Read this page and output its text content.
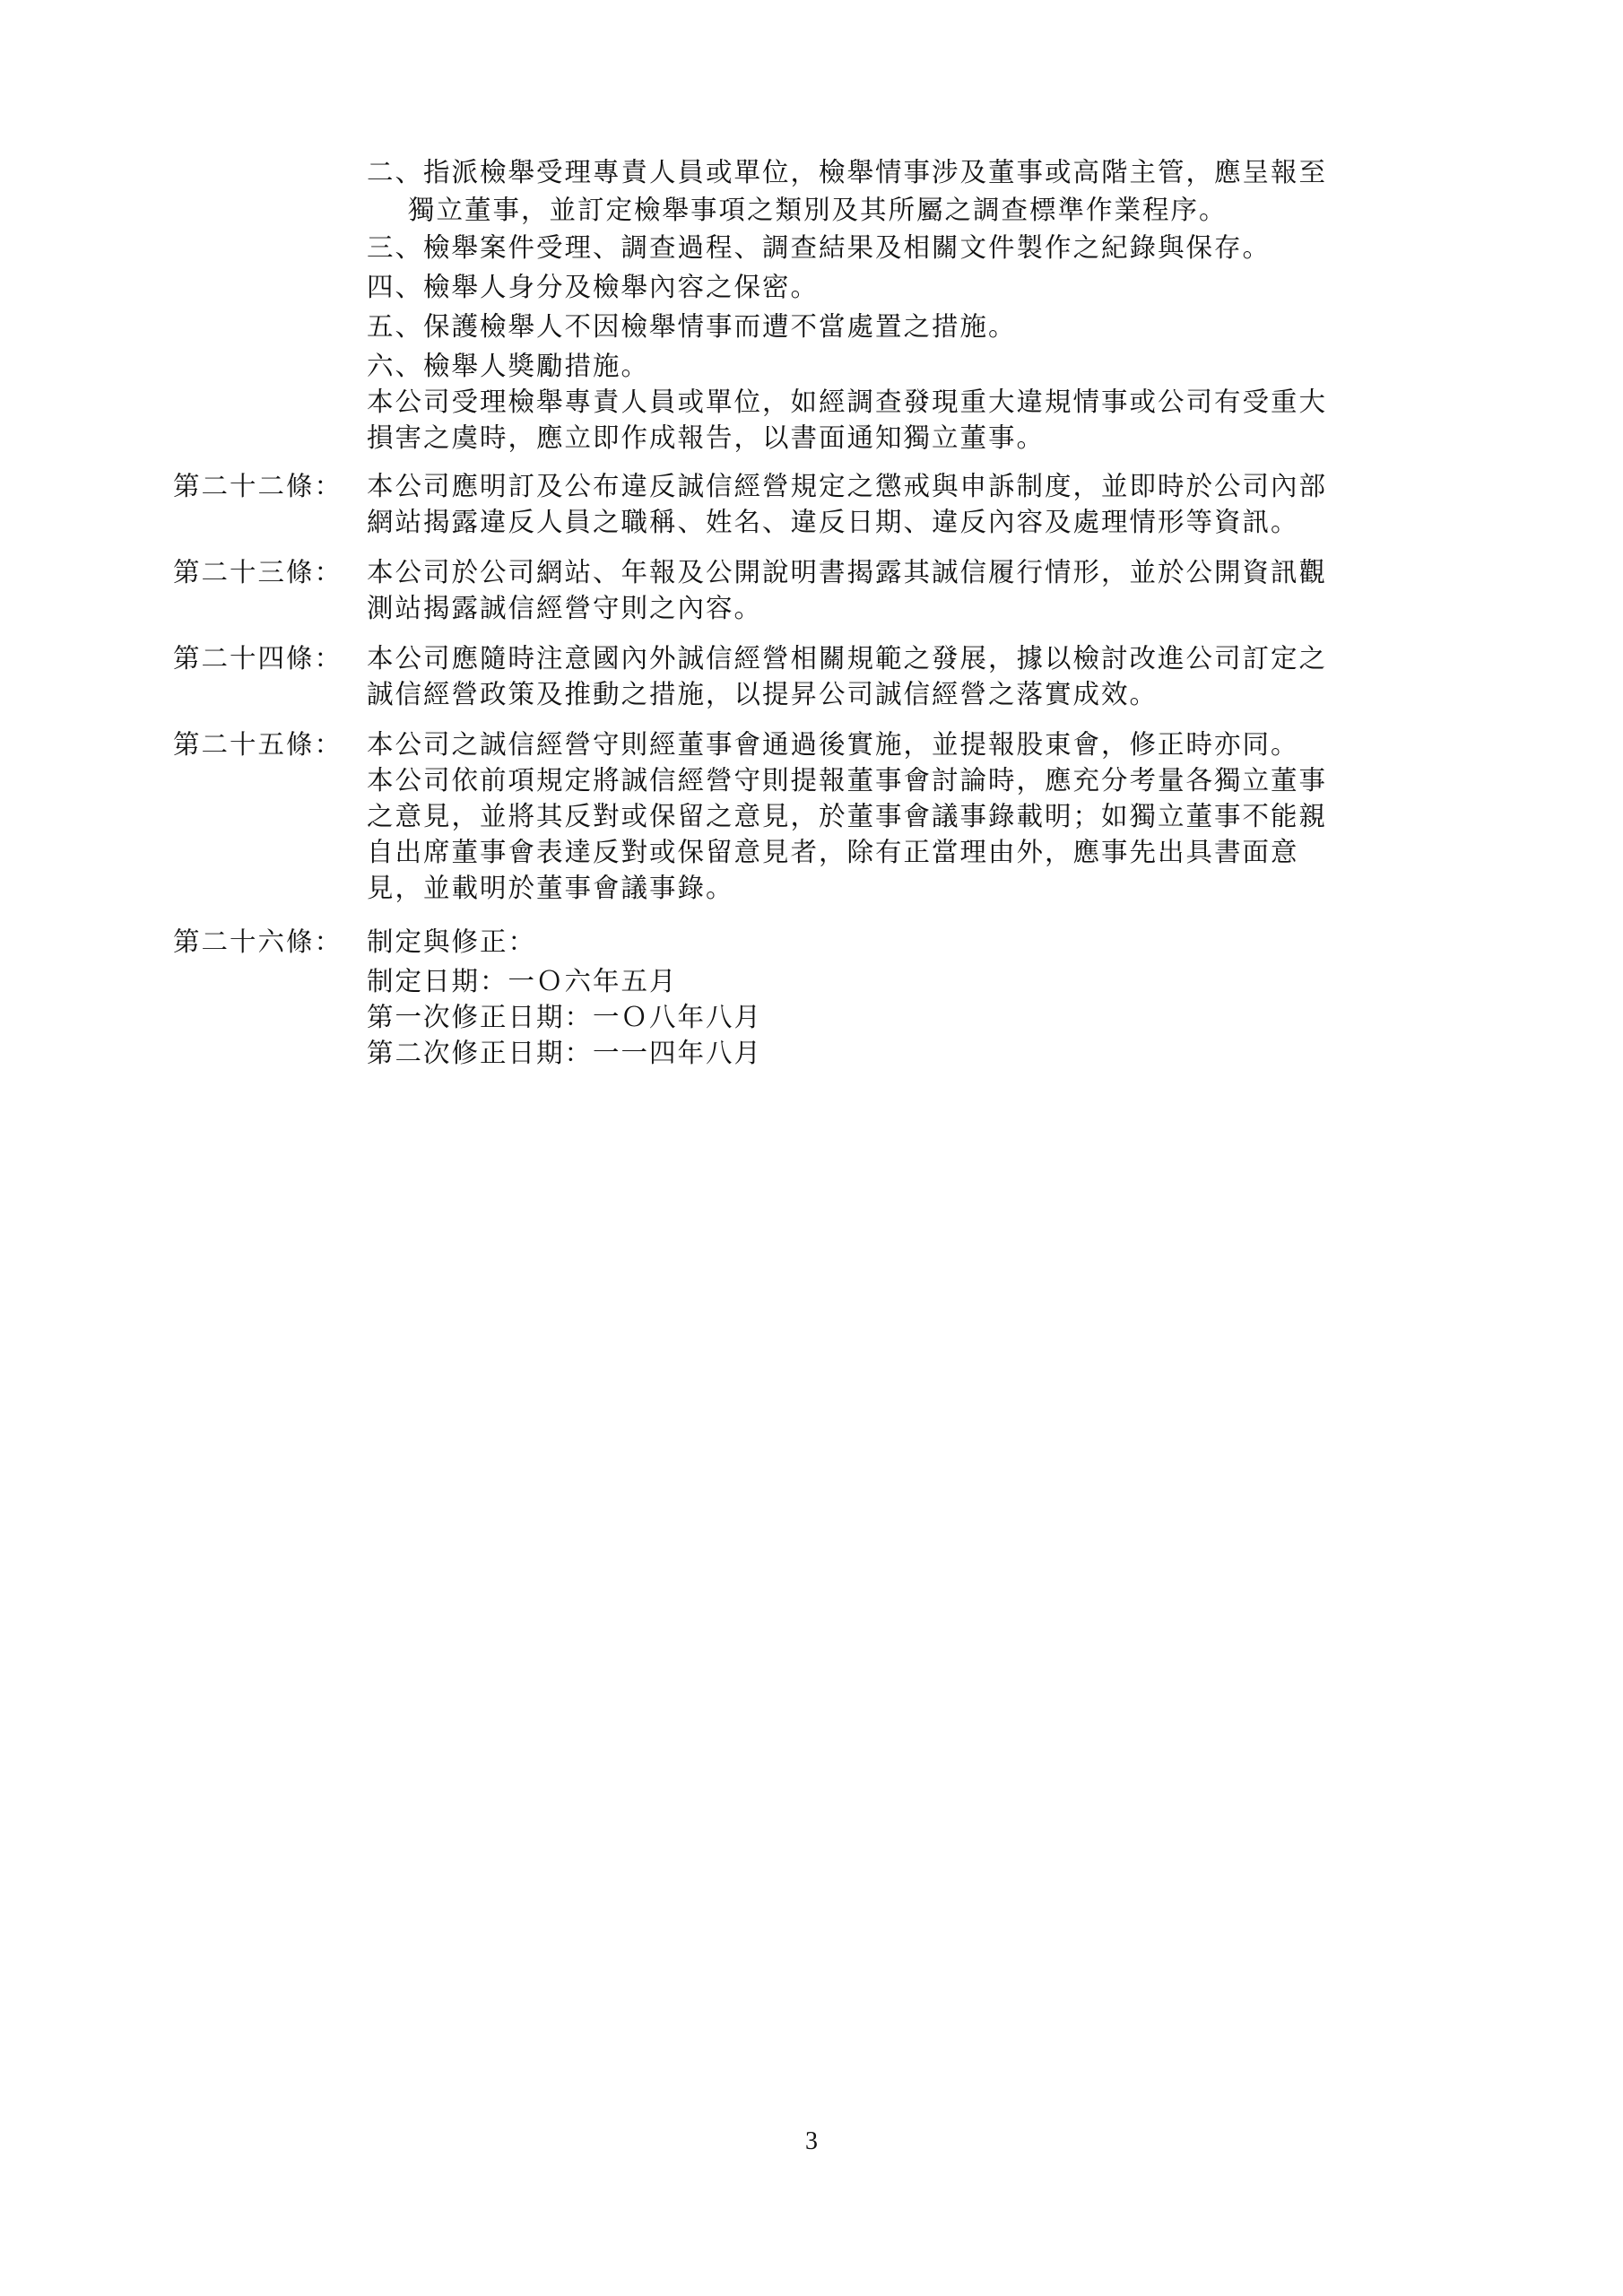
二、指派檢舉受理專責人員或單位，檢舉情事涉及董事或高階主管，應呈報至
獨立董事，並訂定檢舉事項之類別及其所屬之調查標準作業程序。
三、檢舉案件受理、調查過程、調查結果及相關文件製作之紀錄與保存。
四、檢舉人身分及檢舉內容之保密。
五、保護檢舉人不因檢舉情事而遭不當處置之措施。
六、檢舉人獎勵措施。
本公司受理檢舉專責人員或單位，如經調查發現重大違規情事或公司有受重大
損害之虞時，應立即作成報告，以書面通知獨立董事。
第二十二條： 本公司應明訂及公布違反誠信經營規定之懲戒與申訴制度，並即時於公司內部
網站揭露違反人員之職稱、姓名、違反日期、違反內容及處理情形等資訊。
第二十三條： 本公司於公司網站、年報及公開說明書揭露其誠信履行情形，並於公開資訊觀
測站揭露誠信經營守則之內容。
第二十四條： 本公司應隨時注意國內外誠信經營相關規範之發展，據以檢討改進公司訂定之
誠信經營政策及推動之措施，以提昇公司誠信經營之落實成效。
第二十五條： 本公司之誠信經營守則經董事會通過後實施，並提報股東會，修正時亦同。
本公司依前項規定將誠信經營守則提報董事會討論時，應充分考量各獨立董事
之意見，並將其反對或保留之意見，於董事會議事錄載明；如獨立董事不能親
自出席董事會表達反對或保留意見者，除有正當理由外，應事先出具書面意
見，並載明於董事會議事錄。
第二十六條： 制定與修正：
制定日期：一Ｏ六年五月
第一次修正日期：一Ｏ八年八月
第二次修正日期：一一四年八月
3
